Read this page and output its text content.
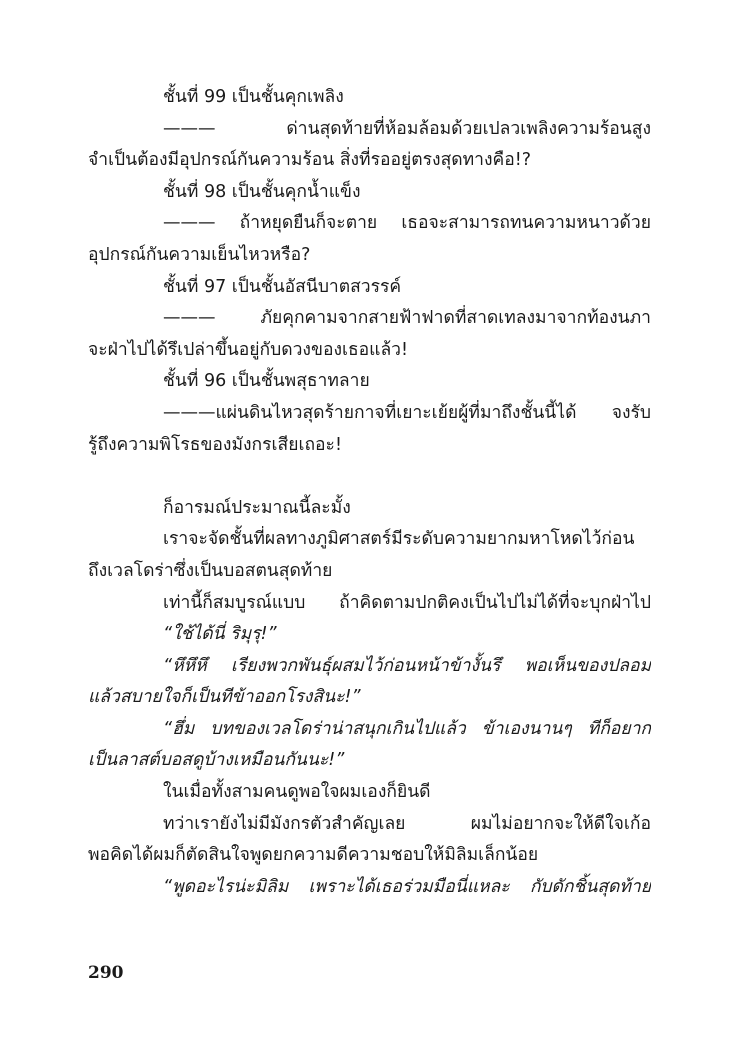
ชั้นที่ 99 เป็นชั้นคุกเพลิง
——— ด่านสุดท้ายที่ห้อมล้อมด้วยเปลวเพลิงความร้อนสูง
จำเป็นต้องมีอุปกรณ์กันความร้อน สิ่งที่รออยู่ตรงสุดทางคือ!?
ชั้นที่ 98 เป็นชั้นคุกน้ำแข็ง
——— ถ้าหยุดยืนก็จะตาย เธอจะสามารถทนความหนาวด้วย
อุปกรณ์กันความเย็นไหวหรือ?
ชั้นที่ 97 เป็นชั้นอัสนีบาตสวรรค์
——— ภัยคุกคามจากสายฟ้าฟาดที่สาดเทลงมาจากท้องนภา
จะฝ่าไปได้รึเปล่าขึ้นอยู่กับดวงของเธอแล้ว!
ชั้นที่ 96 เป็นชั้นพสุธาทลาย
———แผ่นดินไหวสุดร้ายกาจที่เยาะเย้ยผู้ที่มาถึงชั้นนี้ได้ จงรับ
รู้ถึงความพิโรธของมังกรเสียเถอะ!
ก็อารมณ์ประมาณนี้ละมั้ง
เราจะจัดชั้นที่ผลทางภูมิศาสตร์มีระดับความยากมหาโหดไว้ก่อน
ถึงเวลโดร่าซึ่งเป็นบอสตนสุดท้าย
เท่านี้ก็สมบูรณ์แบบ ถ้าคิดตามปกติคงเป็นไปไม่ได้ที่จะบุกฝ่าไป
“ใช้ได้นี่ ริมุรุ!”
“หึหึหึ เรียงพวกพันธุ์ผสมไว้ก่อนหน้าข้างั้นรึ พอเห็นของปลอม
แล้วสบายใจก็เป็นทีข้าออกโรงสินะ!”
“ฮึ่ม บทของเวลโดร่าน่าสนุกเกินไปแล้ว ข้าเองนานๆ ทีก็อยาก
เป็นลาสต์บอสดูบ้างเหมือนกันนะ!”
ในเมื่อทั้งสามคนดูพอใจผมเองก็ยินดี
ทว่าเรายังไม่มีมังกรตัวสำคัญเลย ผมไม่อยากจะให้ดีใจเก้อ
พอคิดได้ผมก็ตัดสินใจพูดยกความดีความชอบให้มิลิมเล็กน้อย
“พูดอะไรน่ะมิลิม เพราะได้เธอร่วมมือนี่แหละ กับดักชิ้นสุดท้าย
290
